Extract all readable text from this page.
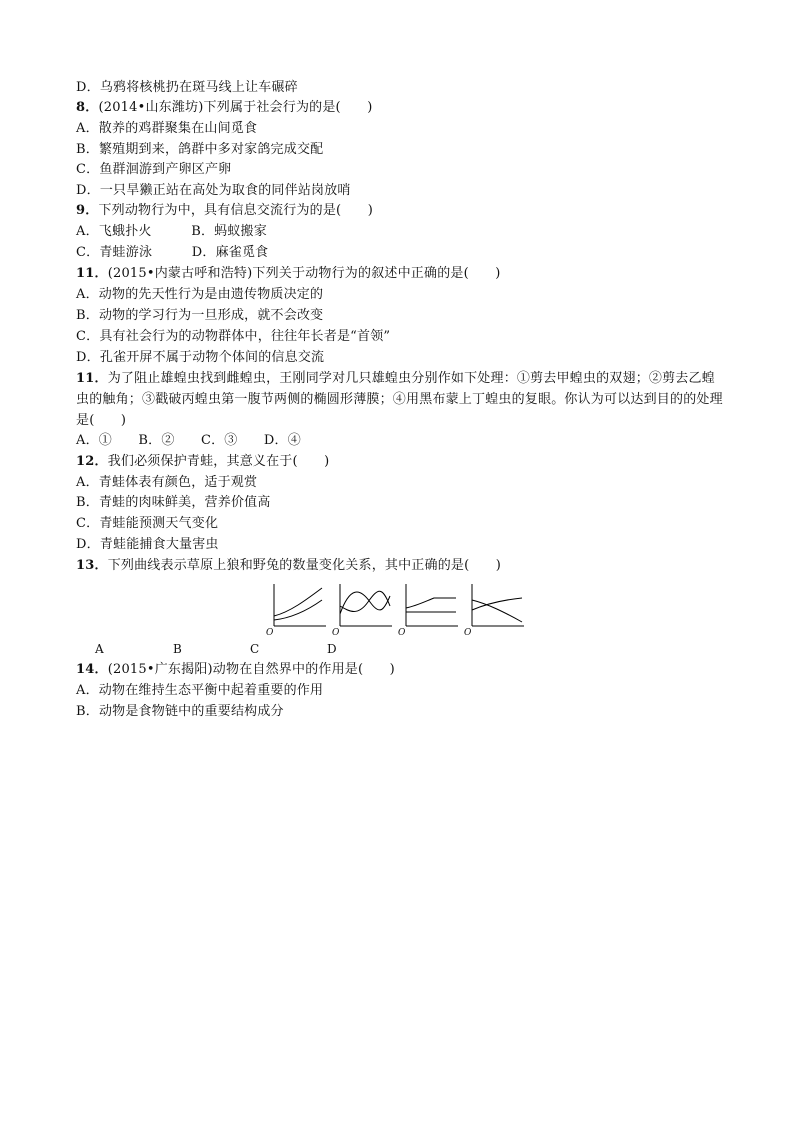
D．乌鸦将核桃扔在斑马线上让车碾碎
8．(2014•山东潍坊)下列属于社会行为的是(　　)
A．散养的鸡群聚集在山间觅食
B．繁殖期到来，鸽群中多对家鸽完成交配
C．鱼群洄游到产卵区产卵
D．一只旱獭正站在高处为取食的同伴站岗放哨
9．下列动物行为中，具有信息交流行为的是(　　)
A．飞蛾扑火　　　B．蚂蚁搬家
C．青蛙游泳　　　D．麻雀觅食
11．(2015•内蒙古呼和浩特)下列关于动物行为的叙述中正确的是(　　)
A．动物的先天性行为是由遗传物质决定的
B．动物的学习行为一旦形成，就不会改变
C．具有社会行为的动物群体中，往往年长者是“首领”
D．孔雀开屏不属于动物个体间的信息交流
11．为了阻止雄蝗虫找到雌蝗虫，王刚同学对几只雄蝗虫分别作如下处理：①剪去甲蝗虫的双翅；②剪去乙蝗虫的触角；③戳破丙蝗虫第一腹节两侧的椭圆形薄膜；④用黑布蒙上丁蝗虫的复眼。你认为可以达到目的的处理是(　　)
A．①　　B．②　　C．③　　D．④
12．我们必须保护青蛙，其意义在于(　　)
A．青蛙体表有颜色，适于观赏
B．青蛙的肉味鲜美，营养价值高
C．青蛙能预测天气变化
D．青蛙能捕食大量害虫
13．下列曲线表示草原上狼和野兔的数量变化关系，其中正确的是(　　)
O	O	O	O
A	B	C	D
14．(2015•广东揭阳)动物在自然界中的作用是(　　)
A．动物在维持生态平衡中起着重要的作用
B．动物是食物链中的重要结构成分
